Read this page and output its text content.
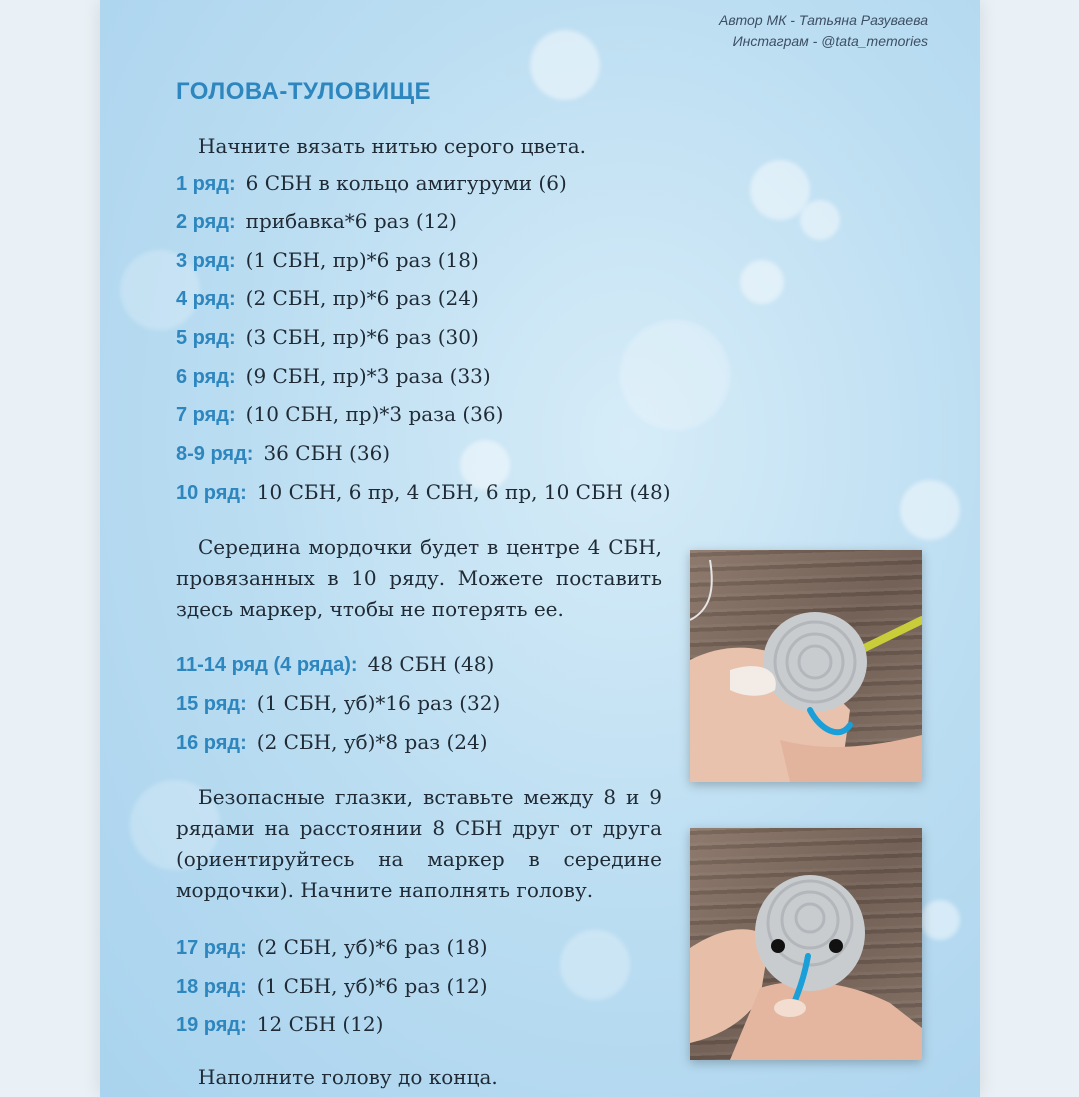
Автор МК - Татьяна Разуваева
Инстаграм - @tata_memories
ГОЛОВА-ТУЛОВИЩЕ
Начните вязать нитью серого цвета.
1 ряд: 6 СБН в кольцо амигуруми (6)
2 ряд: прибавка*6 раз (12)
3 ряд: (1 СБН, пр)*6 раз (18)
4 ряд: (2 СБН, пр)*6 раз (24)
5 ряд: (3 СБН, пр)*6 раз (30)
6 ряд: (9 СБН, пр)*3 раза (33)
7 ряд: (10 СБН, пр)*3 раза (36)
8-9 ряд: 36 СБН (36)
10 ряд: 10 СБН, 6 пр, 4 СБН, 6 пр, 10 СБН (48)
Середина мордочки будет в центре 4 СБН, провязанных в 10 ряду. Можете поставить здесь маркер, чтобы не потерять ее.
11-14 ряд (4 ряда): 48 СБН (48)
15 ряд: (1 СБН, уб)*16 раз (32)
16 ряд: (2 СБН, уб)*8 раз (24)
Безопасные глазки, вставьте между 8 и 9 рядами на расстоянии 8 СБН друг от друга (ориентируйтесь на маркер в середине мордочки). Начните наполнять голову.
17 ряд: (2 СБН, уб)*6 раз (18)
18 ряд: (1 СБН, уб)*6 раз (12)
19 ряд: 12 СБН (12)
Наполните голову до конца.
